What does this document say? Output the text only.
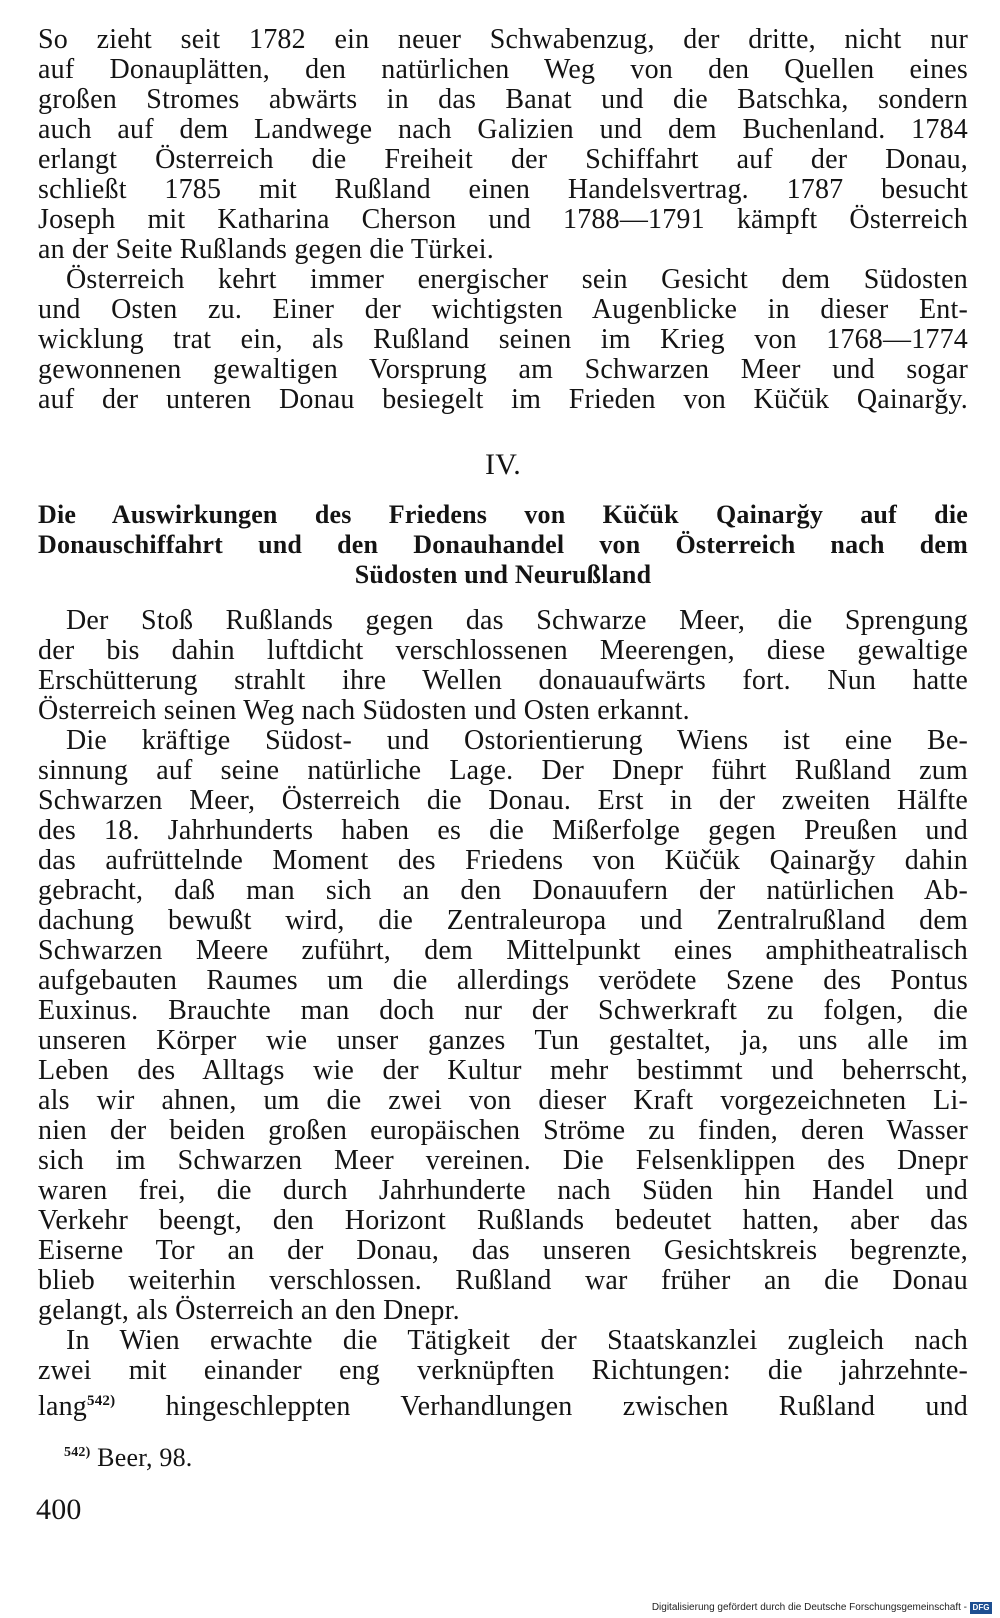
So zieht seit 1782 ein neuer Schwabenzug, der dritte, nicht nur
auf Donauplätten, den natürlichen Weg von den Quellen eines
großen Stromes abwärts in das Banat und die Batschka, sondern
auch auf dem Landwege nach Galizien und dem Buchenland. 1784
erlangt Österreich die Freiheit der Schiffahrt auf der Donau,
schließt 1785 mit Rußland einen Handelsvertrag. 1787 besucht
Joseph mit Katharina Cherson und 1788—1791 kämpft Österreich
an der Seite Rußlands gegen die Türkei.
Österreich kehrt immer energischer sein Gesicht dem Südosten
und Osten zu. Einer der wichtigsten Augenblicke in dieser Ent-
wicklung trat ein, als Rußland seinen im Krieg von 1768—1774
gewonnenen gewaltigen Vorsprung am Schwarzen Meer und sogar
auf der unteren Donau besiegelt im Frieden von Küčük Qainarğy.
IV.
Die Auswirkungen des Friedens von Küčük Qainarğy auf die
Donauschiffahrt und den Donauhandel von Österreich nach dem
Südosten und Neurußland
Der Stoß Rußlands gegen das Schwarze Meer, die Sprengung
der bis dahin luftdicht verschlossenen Meerengen, diese gewaltige
Erschütterung strahlt ihre Wellen donauaufwärts fort. Nun hatte
Österreich seinen Weg nach Südosten und Osten erkannt.
Die kräftige Südost- und Ostorientierung Wiens ist eine Be-
sinnung auf seine natürliche Lage. Der Dnepr führt Rußland zum
Schwarzen Meer, Österreich die Donau. Erst in der zweiten Hälfte
des 18. Jahrhunderts haben es die Mißerfolge gegen Preußen und
das aufrüttelnde Moment des Friedens von Küčük Qainarğy dahin
gebracht, daß man sich an den Donauufern der natürlichen Ab-
dachung bewußt wird, die Zentraleuropa und Zentralrußland dem
Schwarzen Meere zuführt, dem Mittelpunkt eines amphitheatralisch
aufgebauten Raumes um die allerdings verödete Szene des Pontus
Euxinus. Brauchte man doch nur der Schwerkraft zu folgen, die
unseren Körper wie unser ganzes Tun gestaltet, ja, uns alle im
Leben des Alltags wie der Kultur mehr bestimmt und beherrscht,
als wir ahnen, um die zwei von dieser Kraft vorgezeichneten Li-
nien der beiden großen europäischen Ströme zu finden, deren Wasser
sich im Schwarzen Meer vereinen. Die Felsenklippen des Dnepr
waren frei, die durch Jahrhunderte nach Süden hin Handel und
Verkehr beengt, den Horizont Rußlands bedeutet hatten, aber das
Eiserne Tor an der Donau, das unseren Gesichtskreis begrenzte,
blieb weiterhin verschlossen. Rußland war früher an die Donau
gelangt, als Österreich an den Dnepr.
In Wien erwachte die Tätigkeit der Staatskanzlei zugleich nach
zwei mit einander eng verknüpften Richtungen: die jahrzehnte-
lang$^{542)}$ hingeschleppten Verhandlungen zwischen Rußland und
$^{542)}$ Beer, 98.
400
Digitalisierung gefördert durch die Deutsche Forschungsgemeinschaft - DFG
